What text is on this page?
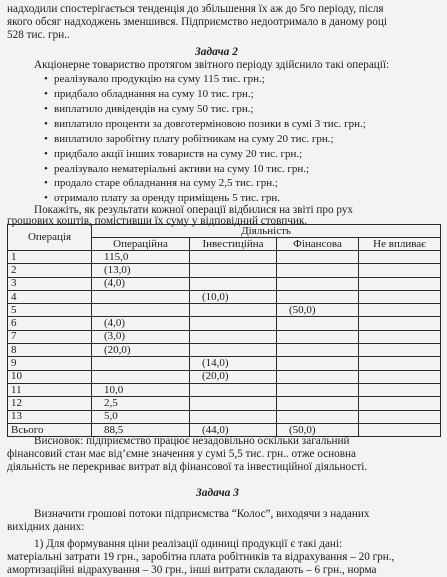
надходили спостерігається тенденція до збільшення їх аж до 5го періоду, після
якого обсяг надходжень зменшився. Підприємство недоотримало в даному році
528 тис. грн..
Задача 2
Акціонерне товариство протягом звітного періоду здійснило такі операції:
• реалізувало продукцію на суму 115 тис. грн.;
• придбало обладнання на суму 10 тис. грн.;
• виплатило дивідендів на суму 50 тис. грн.;
• виплатило проценти за довготерміновою позики в сумі 3 тис. грн.;
• виплатило заробітну плату робітникам на суму 20 тис. грн.;
• придбало акції інших товариств на суму 20 тис. грн.;
• реалізувало нематеріальні активи на суму 10 тис. грн.;
• продало старе обладнання на суму 2,5 тис. грн.;
• отримало плату за оренду приміщень 5 тис. грн.
Покажіть, як результати кожної операції відбилися на звіті про рух
грошових коштів, помістивши їх суму у відповідний стовпчик.
Операція	Діяльність			
	Операційна	Інвестиційна	Фінансова	Не впливає
1	115,0			
2	(13,0)			
3	(4,0)			
4		(10,0)		
5			(50,0)	
6	(4,0)			
7	(3,0)			
8	(20,0)			
9		(14,0)		
10		(20,0)		
11	10,0			
12	2,5			
13	5,0			
Всього	88,5	(44,0)	(50,0)	
Висновок: підприємство працює незадовільно оскільки загальний
фінансовий стан має від’ємне значення у сумі 5,5 тис. грн.. отже основна
діяльність не перекриває витрат від фінансової та інвестиційної діяльності.
Задача 3
Визначити грошові потоки підприємства “Колос”, виходячи з наданих
вихідних даних:
1) Для формування ціни реалізації одиниці продукції є такі дані:
матеріальні затрати 19 грн., заробітна плата робітників та відрахування – 20 грн.,
амортизаційні відрахування – 30 грн., інші витрати складають – 6 грн., норма
